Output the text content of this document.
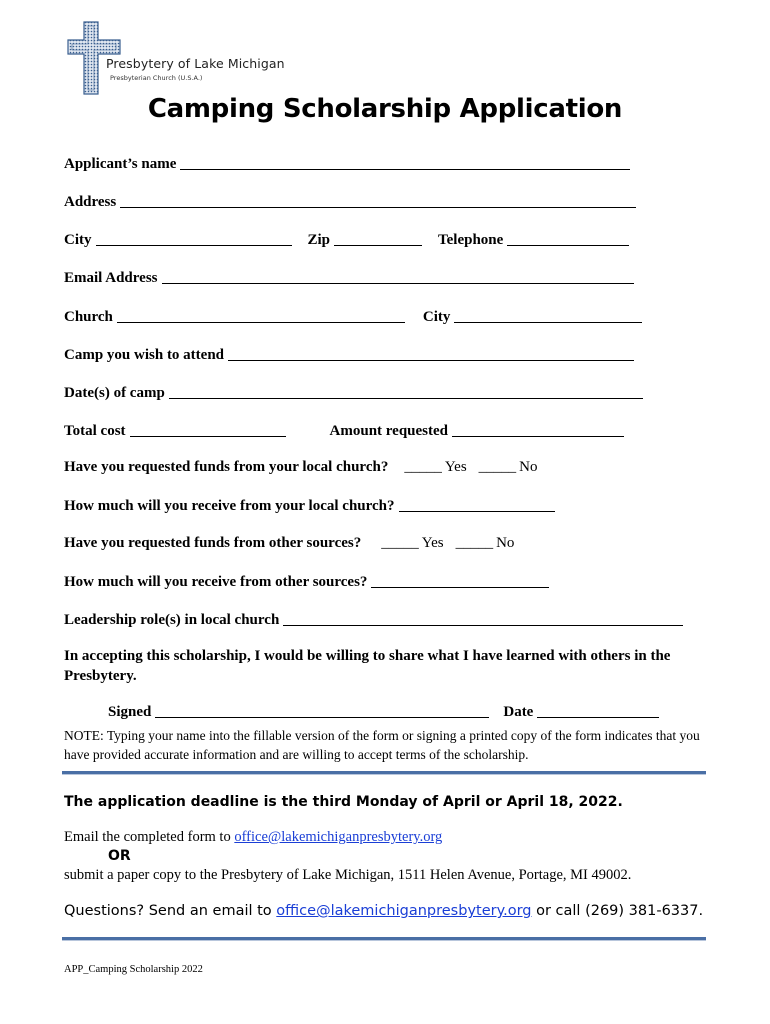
Presbytery of Lake Michigan
Presbyterian Church (U.S.A.)
Camping Scholarship Application
Applicant’s name
Address
City	Zip	Telephone
Email Address
Church	City
Camp you wish to attend
Date(s) of camp
Total cost	Amount requested
Have you requested funds from your local church? _____ Yes _____ No
How much will you receive from your local church?
Have you requested funds from other sources? _____ Yes _____ No
How much will you receive from other sources?
Leadership role(s) in local church
In accepting this scholarship, I would be willing to share what I have learned with others in the Presbytery.
Signed	Date
NOTE: Typing your name into the fillable version of the form or signing a printed copy of the form indicates that you have provided accurate information and are willing to accept terms of the scholarship.
The application deadline is the third Monday of April or April 18, 2022.
Email the completed form to office@lakemichiganpresbytery.org
OR
submit a paper copy to the Presbytery of Lake Michigan, 1511 Helen Avenue, Portage, MI 49002.
Questions? Send an email to office@lakemichiganpresbytery.org or call (269) 381-6337.
APP_Camping Scholarship 2022
